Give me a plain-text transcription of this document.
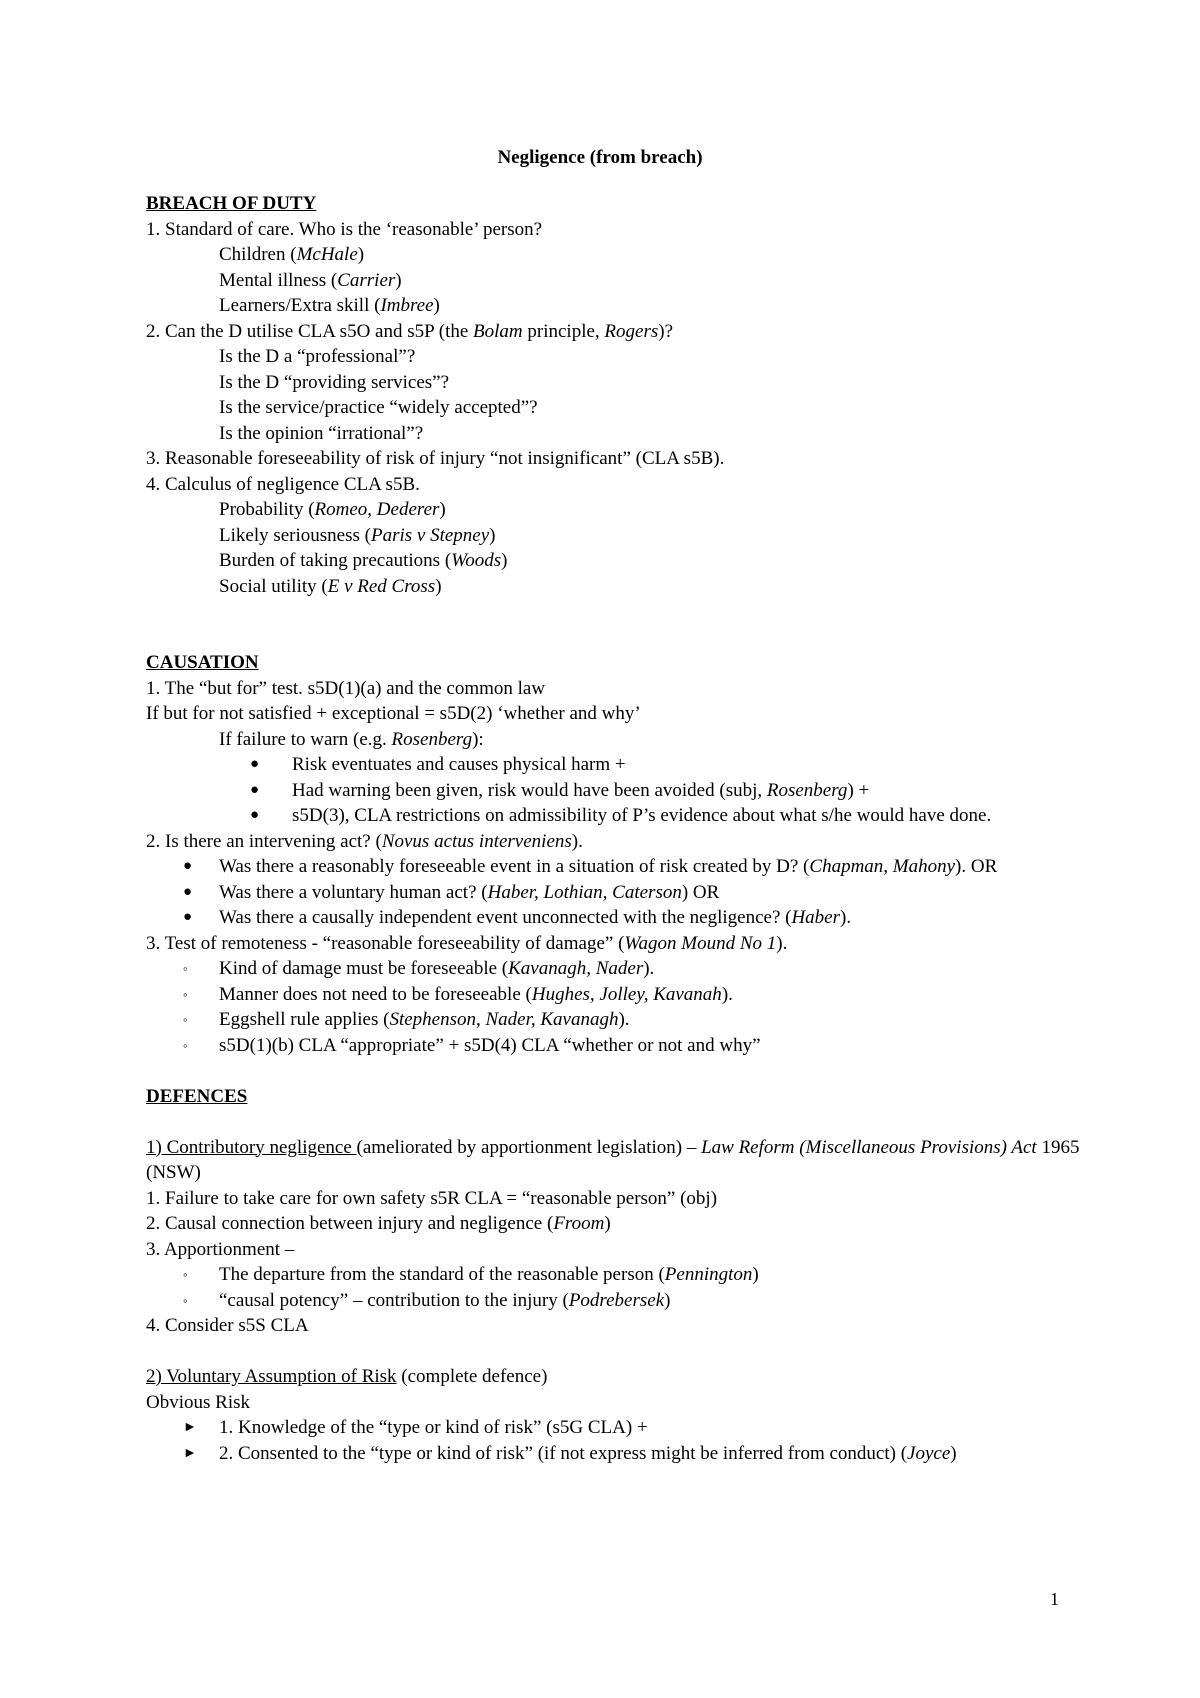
Negligence (from breach)
BREACH OF DUTY
1. Standard of care. Who is the ‘reasonable’ person?
Children (McHale)
Mental illness (Carrier)
Learners/Extra skill (Imbree)
2. Can the D utilise CLA s5O and s5P (the Bolam principle, Rogers)?
Is the D a “professional”?
Is the D “providing services”?
Is the service/practice “widely accepted”?
Is the opinion “irrational”?
3. Reasonable foreseeability of risk of injury “not insignificant” (CLA s5B).
4. Calculus of negligence CLA s5B.
Probability (Romeo, Dederer)
Likely seriousness (Paris v Stepney)
Burden of taking precautions (Woods)
Social utility (E v Red Cross)
CAUSATION
1. The “but for” test. s5D(1)(a) and the common law
If but for not satisfied + exceptional = s5D(2) ‘whether and why’
If failure to warn (e.g. Rosenberg):
● Risk eventuates and causes physical harm +
● Had warning been given, risk would have been avoided (subj, Rosenberg) +
● s5D(3), CLA restrictions on admissibility of P’s evidence about what s/he would have done.
2. Is there an intervening act? (Novus actus interveniens).
● Was there a reasonably foreseeable event in a situation of risk created by D? (Chapman, Mahony). OR
● Was there a voluntary human act? (Haber, Lothian, Caterson) OR
● Was there a causally independent event unconnected with the negligence? (Haber).
3. Test of remoteness - “reasonable foreseeability of damage” (Wagon Mound No 1).
◦ Kind of damage must be foreseeable (Kavanagh, Nader).
◦ Manner does not need to be foreseeable (Hughes, Jolley, Kavanah).
◦ Eggshell rule applies (Stephenson, Nader, Kavanagh).
◦ s5D(1)(b) CLA “appropriate” + s5D(4) CLA “whether or not and why”
DEFENCES
1) Contributory negligence (ameliorated by apportionment legislation) – Law Reform (Miscellaneous Provisions) Act 1965 (NSW)
1. Failure to take care for own safety s5R CLA = “reasonable person” (obj)
2. Causal connection between injury and negligence (Froom)
3. Apportionment –
◦ The departure from the standard of the reasonable person (Pennington)
◦ “causal potency” – contribution to the injury (Podrebersek)
4. Consider s5S CLA
2) Voluntary Assumption of Risk (complete defence)
Obvious Risk
► 1. Knowledge of the “type or kind of risk” (s5G CLA) +
► 2. Consented to the “type or kind of risk” (if not express might be inferred from conduct) (Joyce)
1
